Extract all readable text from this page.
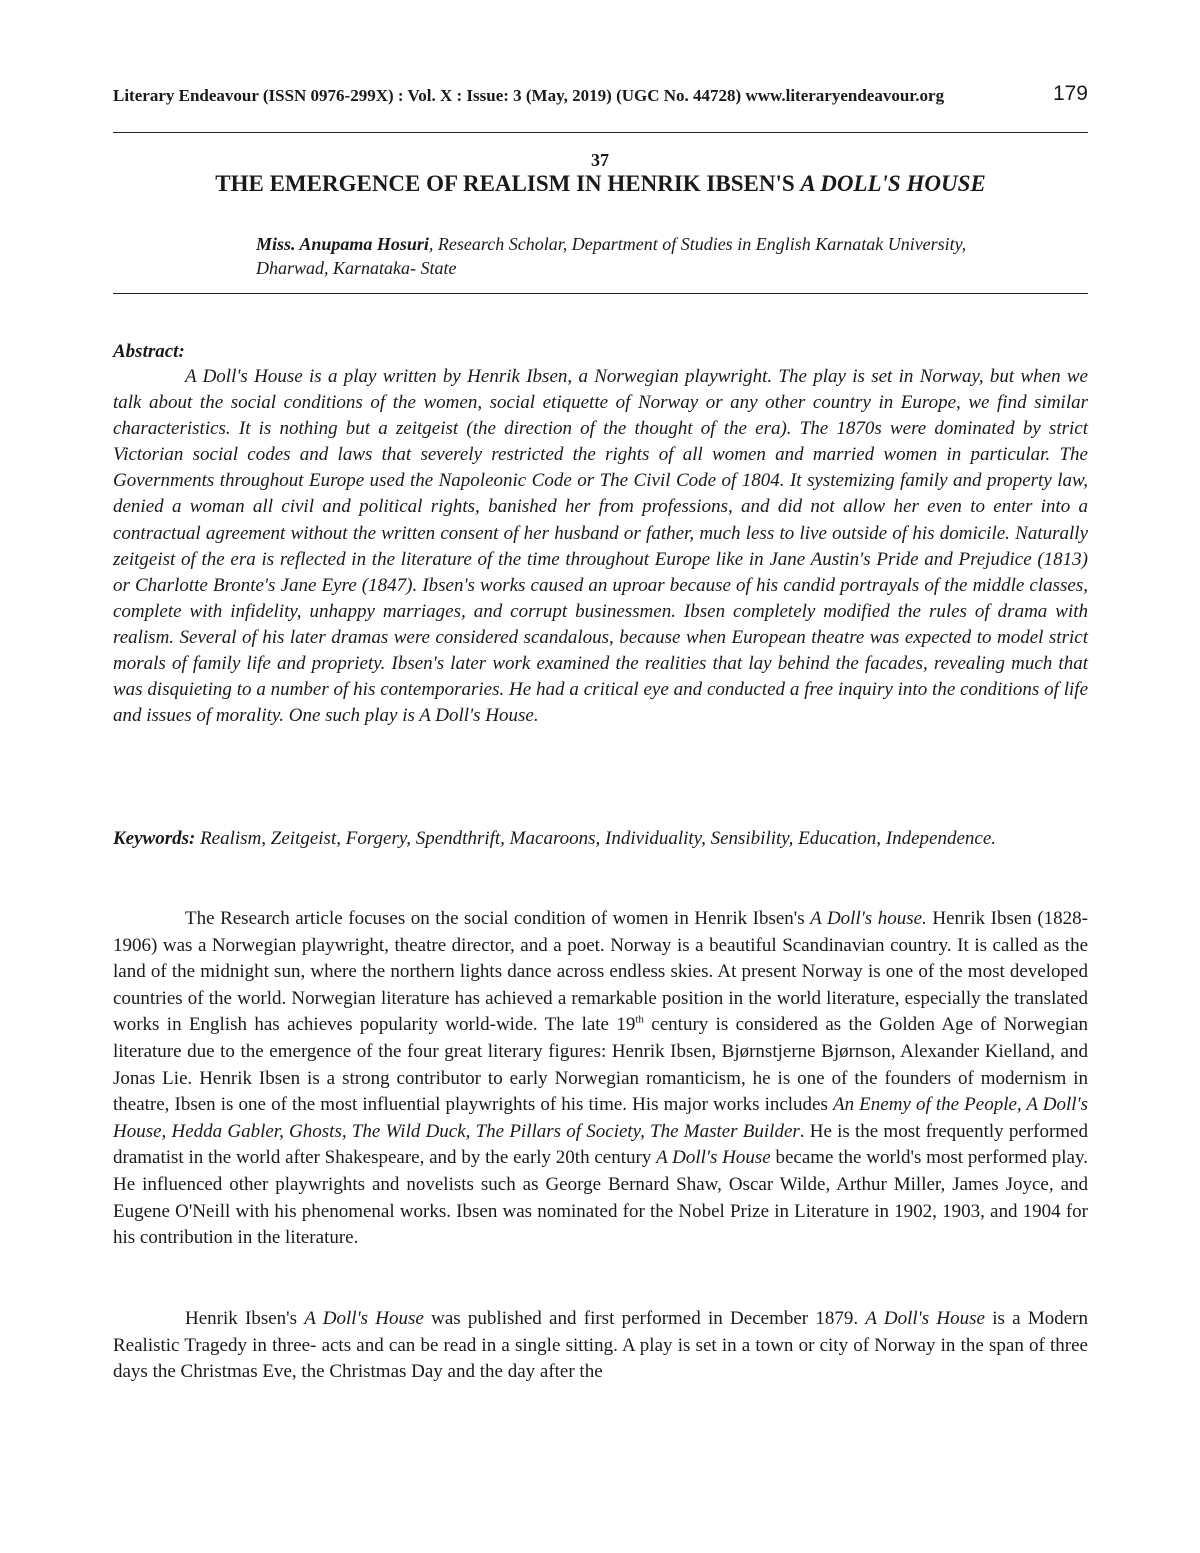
Literary Endeavour (ISSN 0976-299X) : Vol. X : Issue: 3 (May, 2019) (UGC No. 44728) www.literaryendeavour.org	179
37
THE EMERGENCE OF REALISM IN HENRIK IBSEN'S A DOLL'S HOUSE
Miss. Anupama Hosuri, Research Scholar, Department of Studies in English Karnatak University, Dharwad, Karnataka- State
Abstract:

A Doll's House is a play written by Henrik Ibsen, a Norwegian playwright. The play is set in Norway, but when we talk about the social conditions of the women, social etiquette of Norway or any other country in Europe, we find similar characteristics. It is nothing but a zeitgeist (the direction of the thought of the era). The 1870s were dominated by strict Victorian social codes and laws that severely restricted the rights of all women and married women in particular. The Governments throughout Europe used the Napoleonic Code or The Civil Code of 1804. It systemizing family and property law, denied a woman all civil and political rights, banished her from professions, and did not allow her even to enter into a contractual agreement without the written consent of her husband or father, much less to live outside of his domicile. Naturally zeitgeist of the era is reflected in the literature of the time throughout Europe like in Jane Austin's Pride and Prejudice (1813) or Charlotte Bronte's Jane Eyre (1847). Ibsen's works caused an uproar because of his candid portrayals of the middle classes, complete with infidelity, unhappy marriages, and corrupt businessmen. Ibsen completely modified the rules of drama with realism. Several of his later dramas were considered scandalous, because when European theatre was expected to model strict morals of family life and propriety. Ibsen's later work examined the realities that lay behind the facades, revealing much that was disquieting to a number of his contemporaries. He had a critical eye and conducted a free inquiry into the conditions of life and issues of morality. One such play is A Doll's House.

Keywords: Realism, Zeitgeist, Forgery, Spendthrift, Macaroons, Individuality, Sensibility, Education, Independence.

The Research article focuses on the social condition of women in Henrik Ibsen's A Doll's house. Henrik Ibsen (1828-1906) was a Norwegian playwright, theatre director, and a poet. Norway is a beautiful Scandinavian country. It is called as the land of the midnight sun, where the northern lights dance across endless skies. At present Norway is one of the most developed countries of the world. Norwegian literature has achieved a remarkable position in the world literature, especially the translated works in English has achieves popularity world-wide. The late 19th century is considered as the Golden Age of Norwegian literature due to the emergence of the four great literary figures: Henrik Ibsen, Bjørnstjerne Bjørnson, Alexander Kielland, and Jonas Lie. Henrik Ibsen is a strong contributor to early Norwegian romanticism, he is one of the founders of modernism in theatre, Ibsen is one of the most influential playwrights of his time. His major works includes An Enemy of the People, A Doll's House, Hedda Gabler, Ghosts, The Wild Duck, The Pillars of Society, The Master Builder. He is the most frequently performed dramatist in the world after Shakespeare, and by the early 20th century A Doll's House became the world's most performed play. He influenced other playwrights and novelists such as George Bernard Shaw, Oscar Wilde, Arthur Miller, James Joyce, and Eugene O'Neill with his phenomenal works. Ibsen was nominated for the Nobel Prize in Literature in 1902, 1903, and 1904 for his contribution in the literature.

Henrik Ibsen's A Doll's House was published and first performed in December 1879. A Doll's House is a Modern Realistic Tragedy in three- acts and can be read in a single sitting. A play is set in a town or city of Norway in the span of three days the Christmas Eve, the Christmas Day and the day after the
